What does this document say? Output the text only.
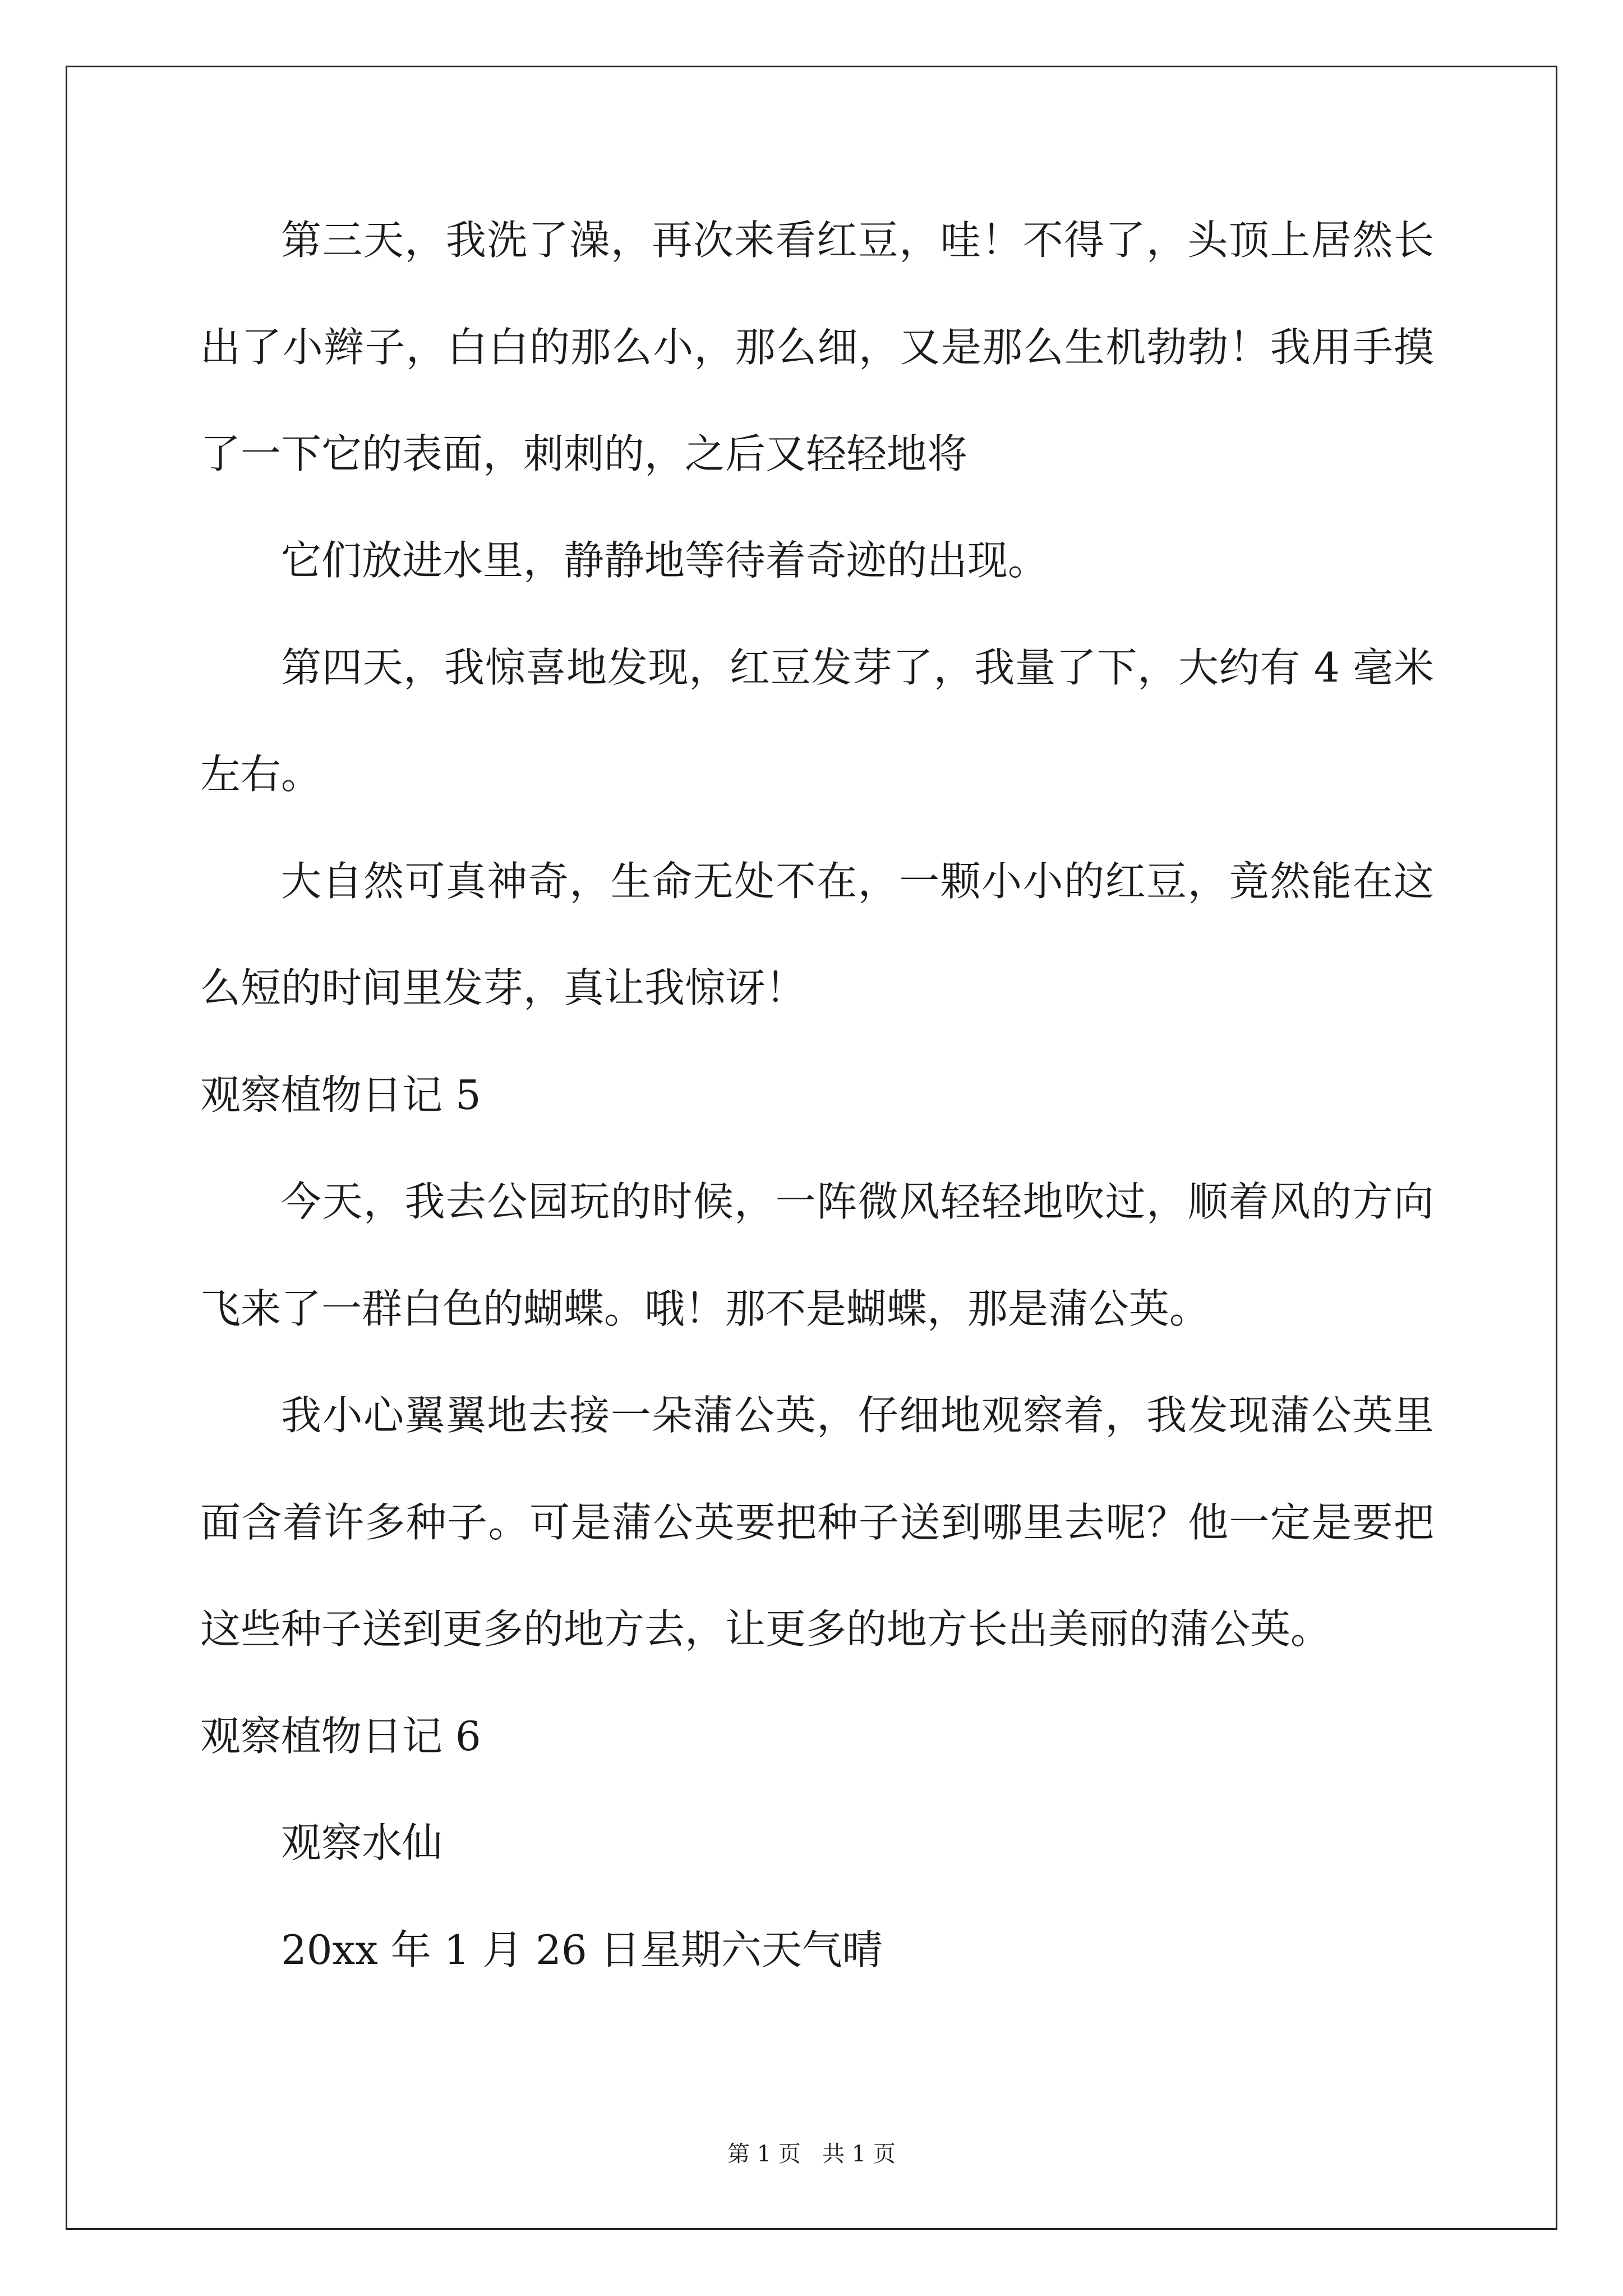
第三天，我洗了澡，再次来看红豆，哇！不得了，头顶上居然长
出了小辫子，白白的那么小，那么细，又是那么生机勃勃！我用手摸
了一下它的表面，刺刺的，之后又轻轻地将
它们放进水里，静静地等待着奇迹的出现。
第四天，我惊喜地发现，红豆发芽了，我量了下，大约有 4 毫米
左右。
大自然可真神奇，生命无处不在，一颗小小的红豆，竟然能在这
么短的时间里发芽，真让我惊讶！
观察植物日记 5
今天，我去公园玩的时候，一阵微风轻轻地吹过，顺着风的方向
飞来了一群白色的蝴蝶。哦！那不是蝴蝶，那是蒲公英。
我小心翼翼地去接一朵蒲公英，仔细地观察着，我发现蒲公英里
面含着许多种子。可是蒲公英要把种子送到哪里去呢？他一定是要把
这些种子送到更多的地方去，让更多的地方长出美丽的蒲公英。
观察植物日记 6
观察水仙
20xx 年 1 月 26 日星期六天气晴
第 1 页   共 1 页
